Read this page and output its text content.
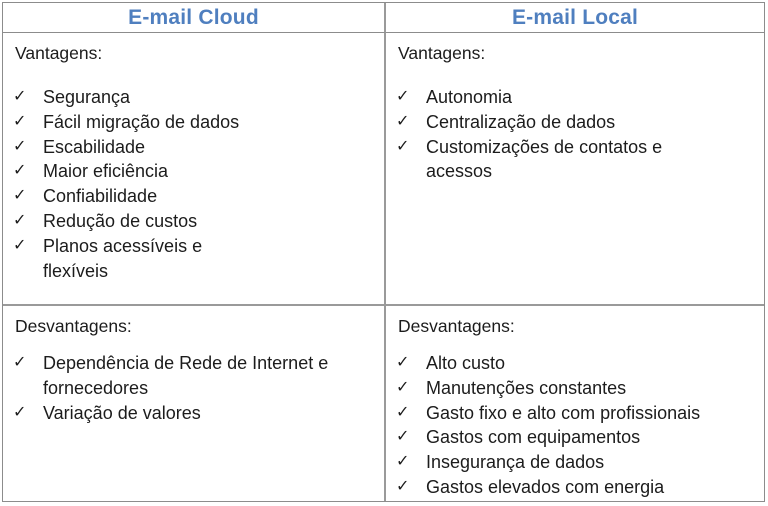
E-mail Cloud	E-mail Local
Vantagens:
✓ Segurança
✓ Fácil migração de dados
✓ Escabilidade
✓ Maior eficiência
✓ Confiabilidade
✓ Redução de custos
✓ Planos acessíveis e flexíveis
Vantagens:
✓ Autonomia
✓ Centralização de dados
✓ Customizações de contatos e acessos
Desvantagens:
✓ Dependência de Rede de Internet e fornecedores
✓ Variação de valores
Desvantagens:
✓ Alto custo
✓ Manutenções constantes
✓ Gasto fixo e alto com profissionais
✓ Gastos com equipamentos
✓ Insegurança de dados
✓ Gastos elevados com energia
